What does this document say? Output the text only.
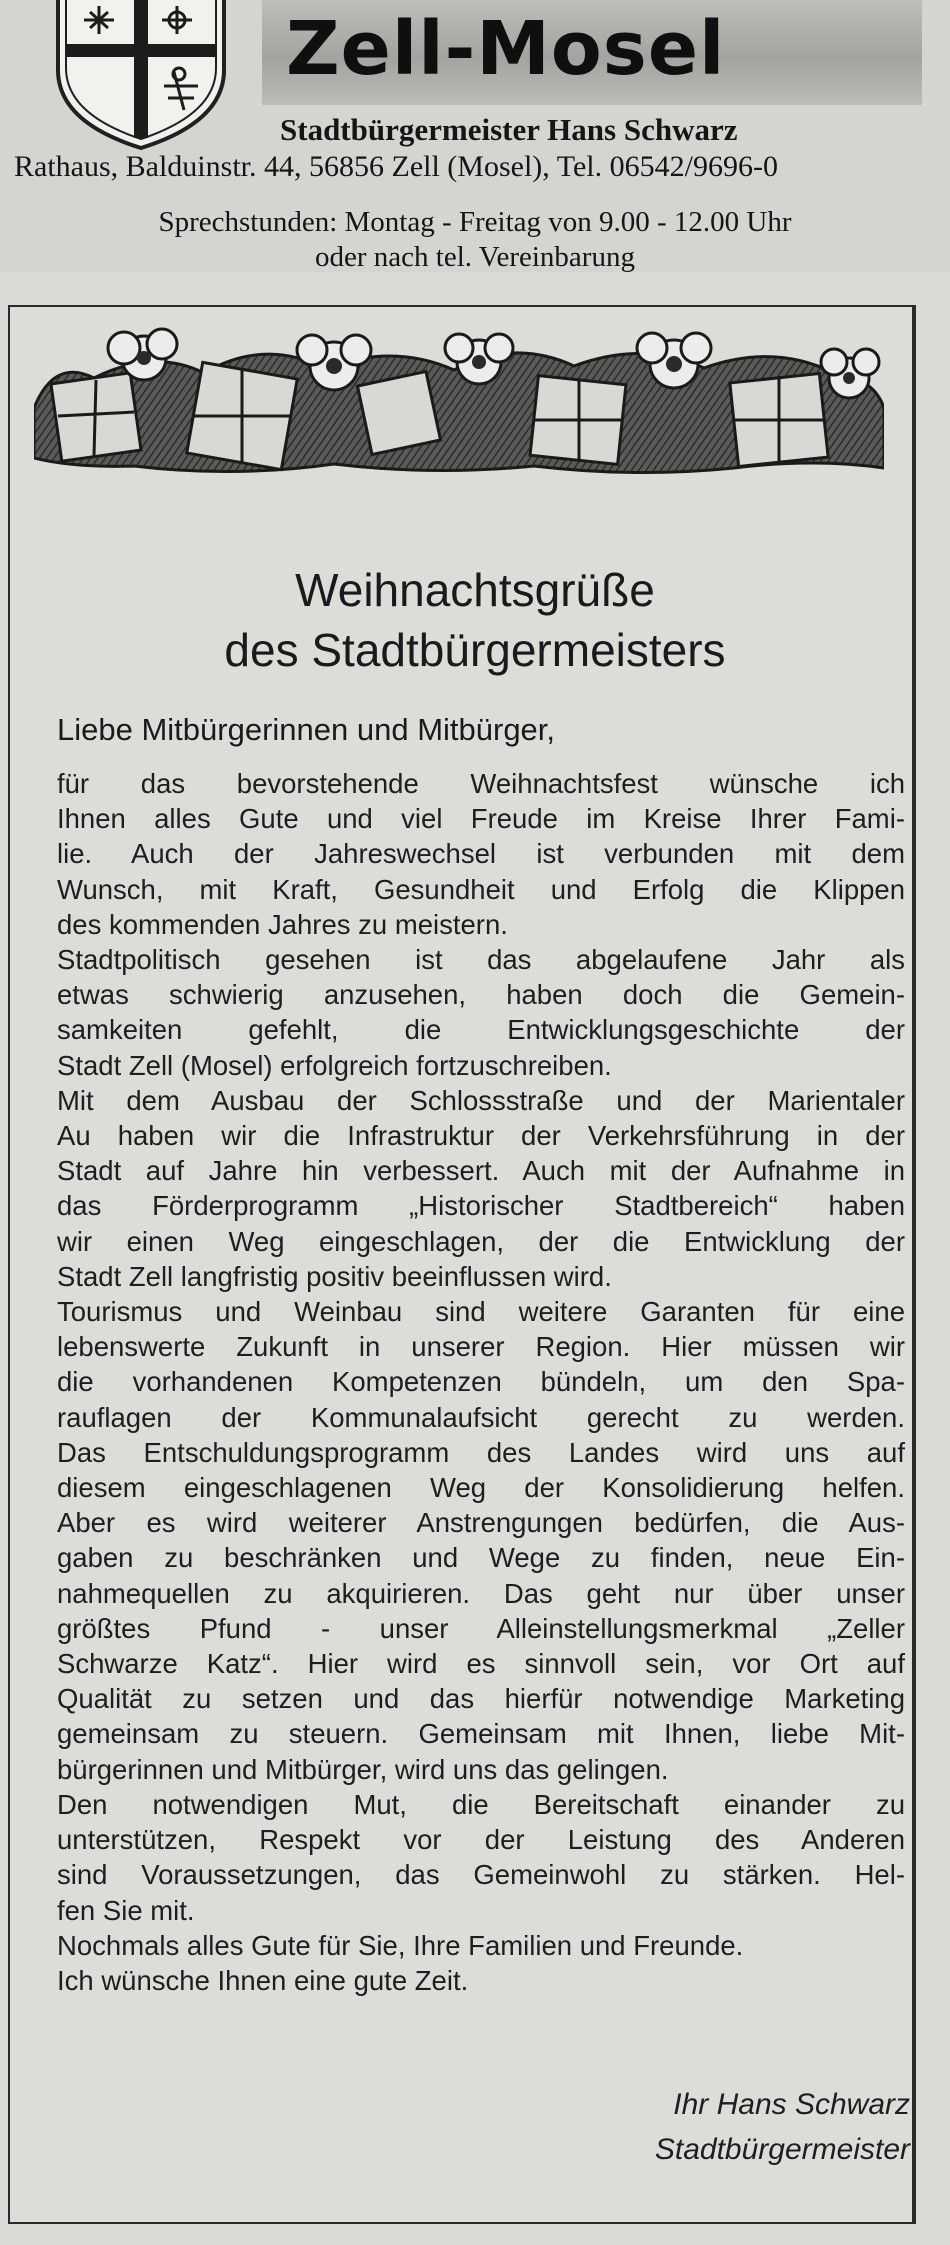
Zell-Mosel

Stadtbürgermeister Hans Schwarz

Rathaus, Balduinstr. 44, 56856 Zell (Mosel), Tel. 06542/9696-0

Sprechstunden: Montag - Freitag von 9.00 - 12.00 Uhr
oder nach tel. Vereinbarung

Weihnachtsgrüße
des Stadtbürgermeisters

Liebe Mitbürgerinnen und Mitbürger,

für das bevorstehende Weihnachtsfest wünsche ich
Ihnen alles Gute und viel Freude im Kreise Ihrer Fami-
lie. Auch der Jahreswechsel ist verbunden mit dem
Wunsch, mit Kraft, Gesundheit und Erfolg die Klippen
des kommenden Jahres zu meistern.
Stadtpolitisch gesehen ist das abgelaufene Jahr als
etwas schwierig anzusehen, haben doch die Gemein-
samkeiten gefehlt, die Entwicklungsgeschichte der
Stadt Zell (Mosel) erfolgreich fortzuschreiben.
Mit dem Ausbau der Schlossstraße und der Marientaler
Au haben wir die Infrastruktur der Verkehrsführung in der
Stadt auf Jahre hin verbessert. Auch mit der Aufnahme in
das Förderprogramm „Historischer Stadtbereich“ haben
wir einen Weg eingeschlagen, der die Entwicklung der
Stadt Zell langfristig positiv beeinflussen wird.
Tourismus und Weinbau sind weitere Garanten für eine
lebenswerte Zukunft in unserer Region. Hier müssen wir
die vorhandenen Kompetenzen bündeln, um den Spa-
rauflagen der Kommunalaufsicht gerecht zu werden.
Das Entschuldungsprogramm des Landes wird uns auf
diesem eingeschlagenen Weg der Konsolidierung helfen.
Aber es wird weiterer Anstrengungen bedürfen, die Aus-
gaben zu beschränken und Wege zu finden, neue Ein-
nahmequellen zu akquirieren. Das geht nur über unser
größtes Pfund - unser Alleinstellungsmerkmal „Zeller
Schwarze Katz“. Hier wird es sinnvoll sein, vor Ort auf
Qualität zu setzen und das hierfür notwendige Marketing
gemeinsam zu steuern. Gemeinsam mit Ihnen, liebe Mit-
bürgerinnen und Mitbürger, wird uns das gelingen.
Den notwendigen Mut, die Bereitschaft einander zu
unterstützen, Respekt vor der Leistung des Anderen
sind Voraussetzungen, das Gemeinwohl zu stärken. Hel-
fen Sie mit.
Nochmals alles Gute für Sie, Ihre Familien und Freunde.
Ich wünsche Ihnen eine gute Zeit.

Ihr Hans Schwarz
Stadtbürgermeister
